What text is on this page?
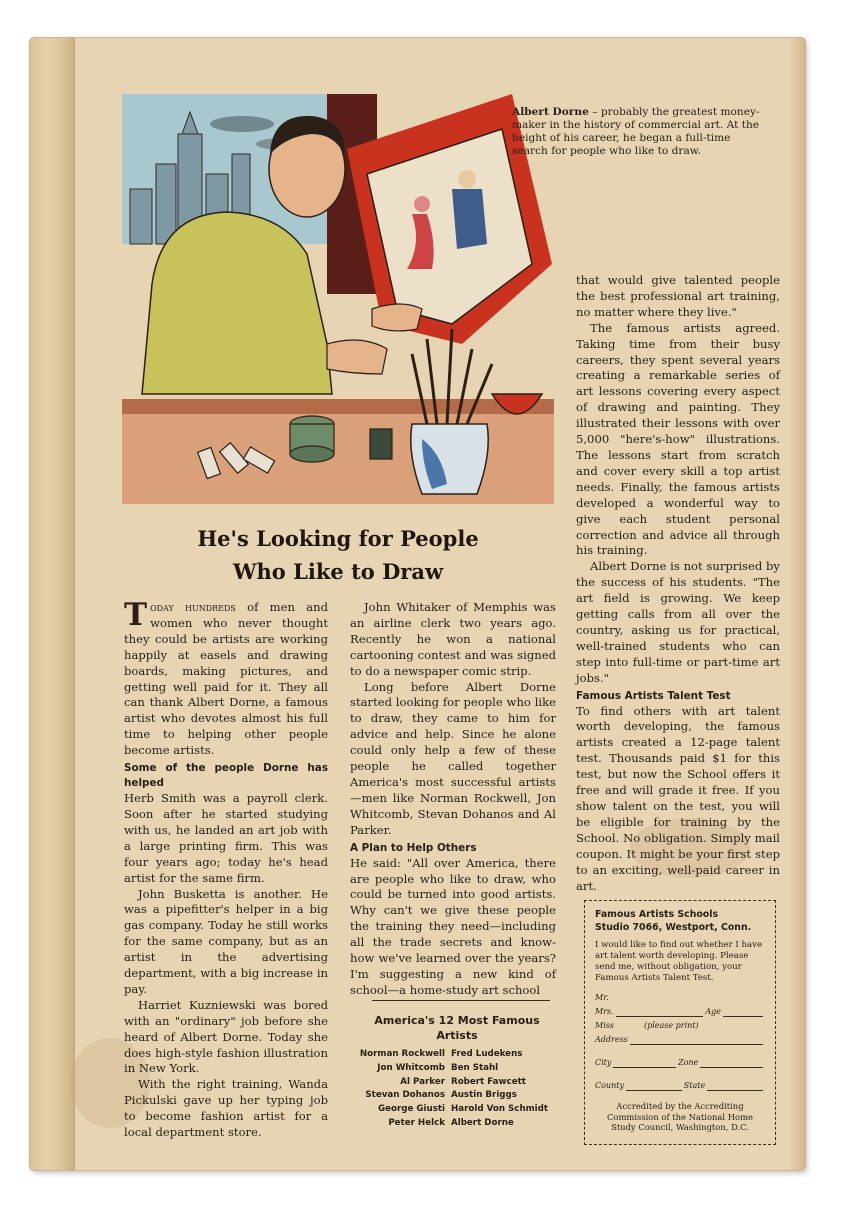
Albert Dorne – probably the greatest money-maker in the history of commercial art. At the height of his career, he began a full-time search for people who like to draw.
He's Looking for People
Who Like to Draw

Today hundreds of men and women who never thought they could be artists are working happily at easels and drawing boards, making pictures, and getting well paid for it. They all can thank Albert Dorne, a famous artist who devotes almost his full time to helping other people become artists.

Some of the people Dorne has helped

Herb Smith was a payroll clerk. Soon after he started studying with us, he landed an art job with a large printing firm. This was four years ago; today he's head artist for the same firm.

John Busketta is another. He was a pipefitter's helper in a big gas company. Today he still works for the same company, but as an artist in the advertising department, with a big increase in pay.

Harriet Kuzniewski was bored with an "ordinary" job before she heard of Albert Dorne. Today she does high-style fashion illustration in New York.

With the right training, Wanda Pickulski gave up her typing job to become fashion artist for a local department store.

John Whitaker of Memphis was an airline clerk two years ago. Recently he won a national cartooning contest and was signed to do a newspaper comic strip.

Long before Albert Dorne started looking for people who like to draw, they came to him for advice and help. Since he alone could only help a few of these people he called together America's most successful artists —men like Norman Rockwell, Jon Whitcomb, Stevan Dohanos and Al Parker.

A Plan to Help Others

He said: "All over America, there are people who like to draw, who could be turned into good artists. Why can't we give these people the training they need—including all the trade secrets and know-how we've learned over the years? I'm suggesting a new kind of school—a home-study art school

America's 12 Most Famous Artists
Norman Rockwell Fred Ludekens
Jon Whitcomb Ben Stahl
Al Parker Robert Fawcett
Stevan Dohanos Austin Briggs
George Giusti Harold Von Schmidt
Peter Helck Albert Dorne

that would give talented people the best professional art training, no matter where they live."

The famous artists agreed. Taking time from their busy careers, they spent several years creating a remarkable series of art lessons covering every aspect of drawing and painting. They illustrated their lessons with over 5,000 "here's-how" illustrations. The lessons start from scratch and cover every skill a top artist needs. Finally, the famous artists developed a wonderful way to give each student personal correction and advice all through his training.

Albert Dorne is not surprised by the success of his students. "The art field is growing. We keep getting calls from all over the country, asking us for practical, well-trained students who can step into full-time or part-time art jobs."

Famous Artists Talent Test

To find others with art talent worth developing, the famous artists created a 12-page talent test. Thousands paid $1 for this test, but now the School offers it free and will grade it free. If you show talent on the test, you will be eligible for training by the School. No obligation. Simply mail coupon. It might be your first step to an exciting, well-paid career in art.

Famous Artists Schools
Studio 7066, Westport, Conn.
I would like to find out whether I have art talent worth developing. Please send me, without obligation, your Famous Artists Talent Test.
Mr.
Mrs.	Age
Miss	(please print)
Address
City	Zone
County	State
Accredited by the Accrediting Commission of the National Home Study Council, Washington, D.C.
